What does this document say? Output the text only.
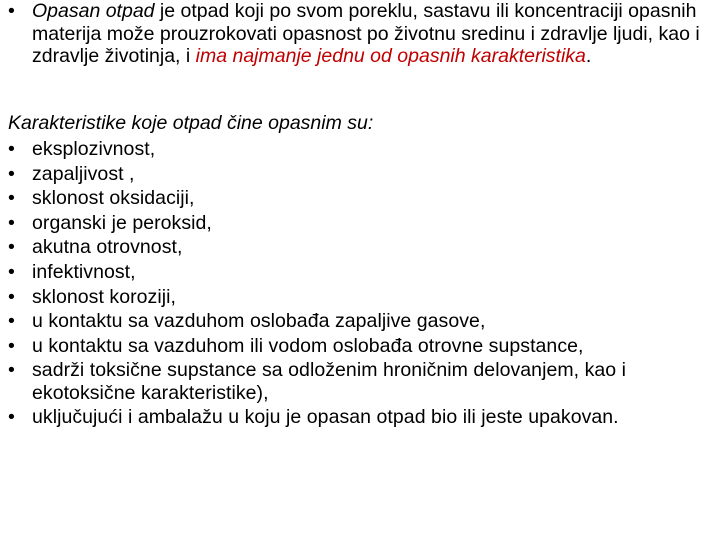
• Opasan otpad je otpad koji po svom poreklu, sastavu ili koncentraciji opasnih materija može prouzrokovati opasnost po životnu sredinu i zdravlje ljudi, kao i zdravlje životinja, i ima najmanje jednu od opasnih karakteristika.
Karakteristike koje otpad čine opasnim su:
• eksplozivnost,
• zapaljivost ,
• sklonost oksidaciji,
• organski je peroksid,
• akutna otrovnost,
• infektivnost,
• sklonost koroziji,
• u kontaktu sa vazduhom oslobađa zapaljive gasove,
• u kontaktu sa vazduhom ili vodom oslobađa otrovne supstance,
• sadrži toksične supstance sa odloženim hroničnim delovanjem, kao i ekotoksične karakteristike),
• uključujući i ambalažu u koju je opasan otpad bio ili jeste upakovan.
